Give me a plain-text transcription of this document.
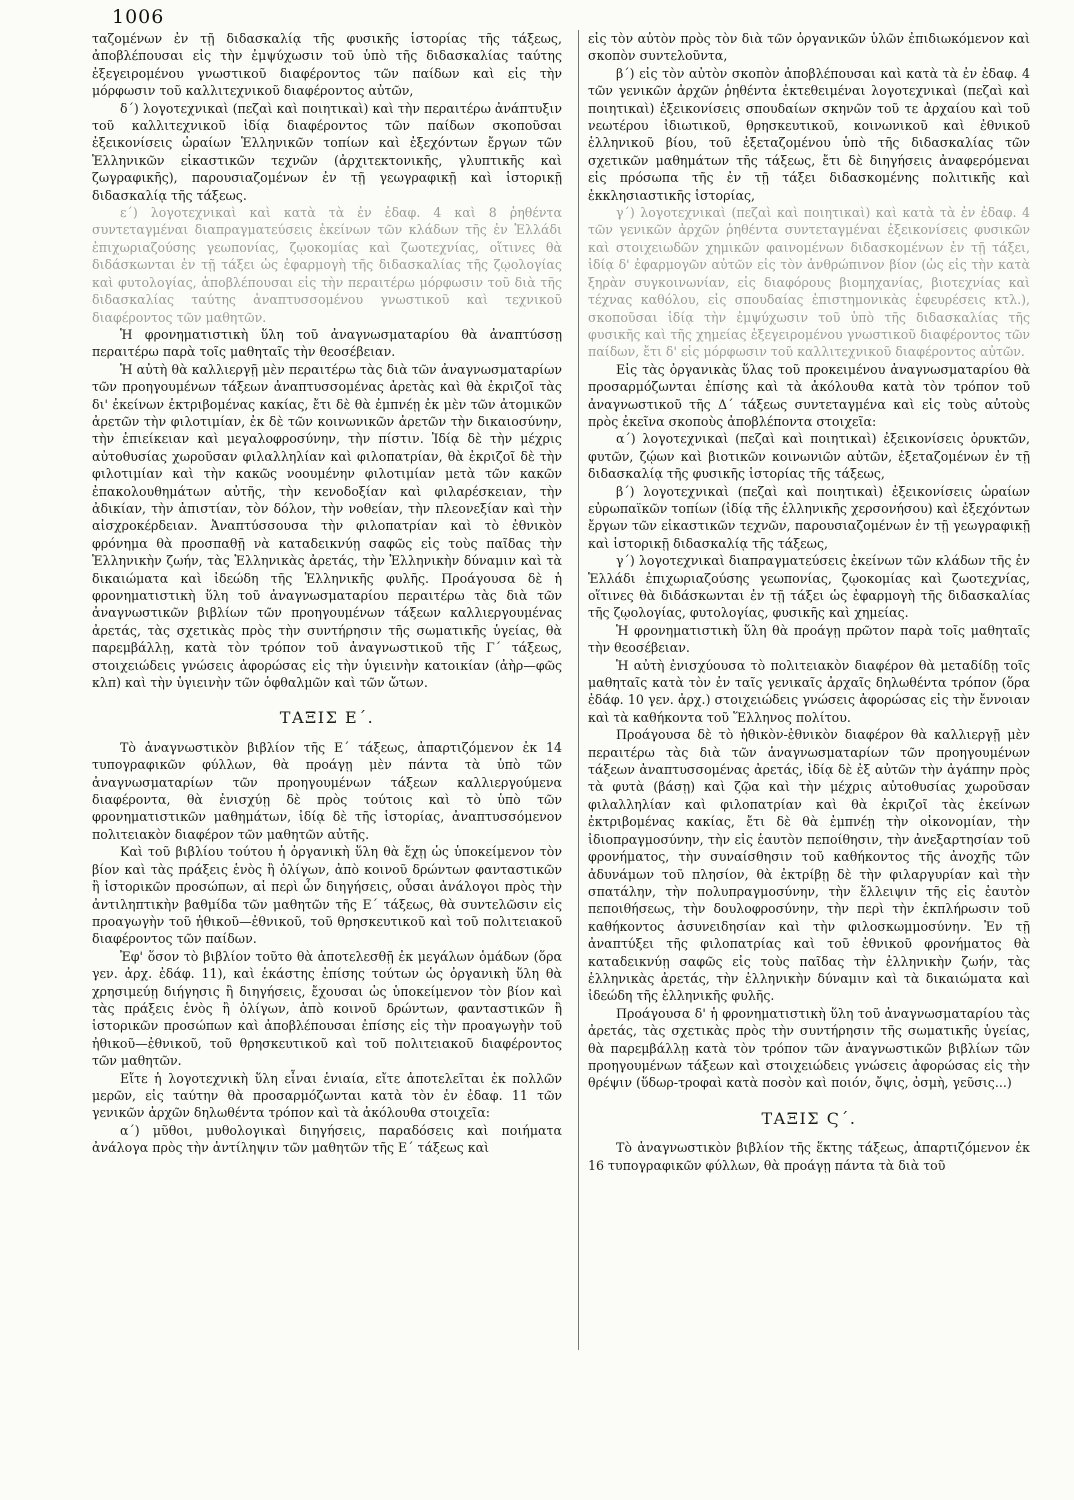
1006

ταζομένων ἐν τῇ διδασκαλίᾳ τῆς φυσικῆς ἱστορίας τῆς τάξεως, ἀποβλέπουσαι εἰς τὴν ἐμψύχωσιν τοῦ ὑπὸ τῆς διδασκαλίας ταύτης ἐξεγειρομένου γνωστικοῦ διαφέροντος τῶν παίδων καὶ εἰς τὴν μόρφωσιν τοῦ καλλιτεχνικοῦ διαφέροντος αὐτῶν,

δ΄) λογοτεχνικαὶ (πεζαὶ καὶ ποιητικαὶ) καὶ τὴν περαιτέρω ἀνάπτυξιν τοῦ καλλιτεχνικοῦ ἰδίᾳ διαφέροντος τῶν παίδων σκοποῦσαι ἐξεικονίσεις ὡραίων Ἑλληνικῶν τοπίων καὶ ἐξεχόντων ἔργων τῶν Ἑλληνικῶν εἰκαστικῶν τεχνῶν (ἀρχιτεκτονικῆς, γλυπτικῆς καὶ ζωγραφικῆς), παρουσιαζομένων ἐν τῇ γεωγραφικῇ καὶ ἱστορικῇ διδασκαλίᾳ τῆς τάξεως.

ε΄) λογοτεχνικαὶ καὶ κατὰ τὰ ἐν ἐδαφ. 4 καὶ 8 ῥηθέντα συντεταγμέναι διαπραγματεύσεις ἐκείνων τῶν κλάδων τῆς ἐν Ἑλλάδι ἐπιχωριαζούσης γεωπονίας, ζῳοκομίας καὶ ζωοτεχνίας, οἵτινες θὰ διδάσκωνται ἐν τῇ τάξει ὡς ἐφαρμογὴ τῆς διδασκαλίας τῆς ζῳολογίας καὶ φυτολογίας, ἀποβλέπουσαι εἰς τὴν περαιτέρω μόρφωσιν τοῦ διὰ τῆς διδασκαλίας ταύτης ἀναπτυσσομένου γνωστικοῦ καὶ τεχνικοῦ διαφέροντος τῶν μαθητῶν.

Ἡ φρονηματιστικὴ ὕλη τοῦ ἀναγνωσματαρίου θὰ ἀναπτύσσῃ περαιτέρω παρὰ τοῖς μαθηταῖς τὴν θεοσέβειαν.

Ἡ αὐτὴ θὰ καλλιεργῇ μὲν περαιτέρω τὰς διὰ τῶν ἀναγνωσματαρίων τῶν προηγουμένων τάξεων ἀναπτυσσομένας ἀρετὰς καὶ θὰ ἐκριζοῖ τὰς δι' ἐκείνων ἐκτριβομένας κακίας, ἔτι δὲ θὰ ἐμπνέῃ ἐκ μὲν τῶν ἀτομικῶν ἀρετῶν τὴν φιλοτιμίαν, ἐκ δὲ τῶν κοινωνικῶν ἀρετῶν τὴν δικαιοσύνην, τὴν ἐπιείκειαν καὶ μεγαλοφροσύνην, τὴν πίστιν. Ἰδίᾳ δὲ τὴν μέχρις αὐτοθυσίας χωροῦσαν φιλαλληλίαν καὶ φιλοπατρίαν, θὰ ἐκριζοῖ δὲ τὴν φιλοτιμίαν καὶ τὴν κακῶς νοουμένην φιλοτιμίαν μετὰ τῶν κακῶν ἐπακολουθημάτων αὐτῆς, τὴν κενοδοξίαν καὶ φιλαρέσκειαν, τὴν ἀδικίαν, τὴν ἀπιστίαν, τὸν δόλον, τὴν νοθείαν, τὴν πλεονεξίαν καὶ τὴν αἰσχροκέρδειαν. Ἀναπτύσσουσα τὴν φιλοπατρίαν καὶ τὸ ἐθνικὸν φρόνημα θὰ προσπαθῇ νὰ καταδεικνύῃ σαφῶς εἰς τοὺς παῖδας τὴν Ἑλληνικὴν ζωήν, τὰς Ἑλληνικὰς ἀρετάς, τὴν Ἑλληνικὴν δύναμιν καὶ τὰ δικαιώματα καὶ ἰδεώδη τῆς Ἑλληνικῆς φυλῆς. Προάγουσα δὲ ἡ φρονηματιστικὴ ὕλη τοῦ ἀναγνωσματαρίου περαιτέρω τὰς διὰ τῶν ἀναγνωστικῶν βιβλίων τῶν προηγουμένων τάξεων καλλιεργουμένας ἀρετάς, τὰς σχετικὰς πρὸς τὴν συντήρησιν τῆς σωματικῆς ὑγείας, θὰ παρεμβάλλῃ, κατὰ τὸν τρόπον τοῦ ἀναγνωστικοῦ τῆς Γ΄ τάξεως, στοιχειώδεις γνώσεις ἀφορώσας εἰς τὴν ὑγιεινὴν κατοικίαν (ἀὴρ—φῶς κλπ) καὶ τὴν ὑγιεινὴν τῶν ὀφθαλμῶν καὶ τῶν ὤτων.

ΤΑΞΙΣ Ε΄.

Τὸ ἀναγνωστικὸν βιβλίον τῆς Ε΄ τάξεως, ἀπαρτιζόμενον ἐκ 14 τυπογραφικῶν φύλλων, θὰ προάγῃ μὲν πάντα τὰ ὑπὸ τῶν ἀναγνωσματαρίων τῶν προηγουμένων τάξεων καλλιεργούμενα διαφέροντα, θὰ ἐνισχύῃ δὲ πρὸς τούτοις καὶ τὸ ὑπὸ τῶν φρονηματιστικῶν μαθημάτων, ἰδίᾳ δὲ τῆς ἱστορίας, ἀναπτυσσόμενον πολιτειακὸν διαφέρον τῶν μαθητῶν αὐτῆς.

Καὶ τοῦ βιβλίου τούτου ἡ ὀργανικὴ ὕλη θὰ ἔχῃ ὡς ὑποκείμενον τὸν βίον καὶ τὰς πράξεις ἑνὸς ἢ ὀλίγων, ἀπὸ κοινοῦ δρώντων φανταστικῶν ἢ ἱστορικῶν προσώπων, αἱ περὶ ὧν διηγήσεις, οὖσαι ἀνάλογοι πρὸς τὴν ἀντιληπτικὴν βαθμίδα τῶν μαθητῶν τῆς Ε΄ τάξεως, θὰ συντελῶσιν εἰς προαγωγὴν τοῦ ἠθικοῦ—ἐθνικοῦ, τοῦ θρησκευτικοῦ καὶ τοῦ πολιτειακοῦ διαφέροντος τῶν παίδων.

Ἐφ' ὅσον τὸ βιβλίον τοῦτο θὰ ἀποτελεσθῇ ἐκ μεγάλων ὁμάδων (ὅρα γεν. ἀρχ. ἐδάφ. 11), καὶ ἑκάστης ἐπίσης τούτων ὡς ὀργανικὴ ὕλη θὰ χρησιμεύῃ διήγησις ἢ διηγήσεις, ἔχουσαι ὡς ὑποκείμενον τὸν βίον καὶ τὰς πράξεις ἑνὸς ἢ ὀλίγων, ἀπὸ κοινοῦ δρώντων, φανταστικῶν ἢ ἱστορικῶν προσώπων καὶ ἀποβλέπουσαι ἐπίσης εἰς τὴν προαγωγὴν τοῦ ἠθικοῦ—ἐθνικοῦ, τοῦ θρησκευτικοῦ καὶ τοῦ πολιτειακοῦ διαφέροντος τῶν μαθητῶν.

Εἴτε ἡ λογοτεχνικὴ ὕλη εἶναι ἑνιαία, εἴτε ἀποτελεῖται ἐκ πολλῶν μερῶν, εἰς ταύτην θὰ προσαρμόζωνται κατὰ τὸν ἐν ἐδαφ. 11 τῶν γενικῶν ἀρχῶν δηλωθέντα τρόπον καὶ τὰ ἀκόλουθα στοιχεῖα:

α΄) μῦθοι, μυθολογικαὶ διηγήσεις, παραδόσεις καὶ ποιήματα ἀνάλογα πρὸς τὴν ἀντίληψιν τῶν μαθητῶν τῆς Ε΄ τάξεως καὶ

εἰς τὸν αὐτὸν πρὸς τὸν διὰ τῶν ὀργανικῶν ὑλῶν ἐπιδιωκόμενον καὶ σκοπὸν συντελοῦντα,

β΄) εἰς τὸν αὐτὸν σκοπὸν ἀποβλέπουσαι καὶ κατὰ τὰ ἐν ἐδαφ. 4 τῶν γενικῶν ἀρχῶν ῥηθέντα ἐκτεθειμέναι λογοτεχνικαὶ (πεζαὶ καὶ ποιητικαὶ) ἐξεικονίσεις σπουδαίων σκηνῶν τοῦ τε ἀρχαίου καὶ τοῦ νεωτέρου ἰδιωτικοῦ, θρησκευτικοῦ, κοινωνικοῦ καὶ ἐθνικοῦ ἑλληνικοῦ βίου, τοῦ ἐξεταζομένου ὑπὸ τῆς διδασκαλίας τῶν σχετικῶν μαθημάτων τῆς τάξεως, ἔτι δὲ διηγήσεις ἀναφερόμεναι εἰς πρόσωπα τῆς ἐν τῇ τάξει διδασκομένης πολιτικῆς καὶ ἐκκλησιαστικῆς ἱστορίας,

γ΄) λογοτεχνικαὶ (πεζαὶ καὶ ποιητικαὶ) καὶ κατὰ τὰ ἐν ἐδαφ. 4 τῶν γενικῶν ἀρχῶν ῥηθέντα συντεταγμέναι ἐξεικονίσεις φυσικῶν καὶ στοιχειωδῶν χημικῶν φαινομένων διδασκομένων ἐν τῇ τάξει, ἰδίᾳ δ' ἐφαρμογῶν αὐτῶν εἰς τὸν ἀνθρώπινον βίον (ὡς εἰς τὴν κατὰ ξηρὰν συγκοινωνίαν, εἰς διαφόρους βιομηχανίας, βιοτεχνίας καὶ τέχνας καθόλου, εἰς σπουδαίας ἐπιστημονικὰς ἐφευρέσεις κτλ.), σκοποῦσαι ἰδίᾳ τὴν ἐμψύχωσιν τοῦ ὑπὸ τῆς διδασκαλίας τῆς φυσικῆς καὶ τῆς χημείας ἐξεγειρομένου γνωστικοῦ διαφέροντος τῶν παίδων, ἔτι δ' εἰς μόρφωσιν τοῦ καλλιτεχνικοῦ διαφέροντος αὐτῶν.

Εἰς τὰς ὀργανικὰς ὕλας τοῦ προκειμένου ἀναγνωσματαρίου θὰ προσαρμόζωνται ἐπίσης καὶ τὰ ἀκόλουθα κατὰ τὸν τρόπον τοῦ ἀναγνωστικοῦ τῆς Δ΄ τάξεως συντεταγμένα καὶ εἰς τοὺς αὐτοὺς πρὸς ἐκεῖνα σκοποὺς ἀποβλέποντα στοιχεῖα:

α΄) λογοτεχνικαὶ (πεζαὶ καὶ ποιητικαὶ) ἐξεικονίσεις ὀρυκτῶν, φυτῶν, ζῴων καὶ βιοτικῶν κοινωνιῶν αὐτῶν, ἐξεταζομένων ἐν τῇ διδασκαλίᾳ τῆς φυσικῆς ἱστορίας τῆς τάξεως,

β΄) λογοτεχνικαὶ (πεζαὶ καὶ ποιητικαὶ) ἐξεικονίσεις ὡραίων εὐρωπαϊκῶν τοπίων (ἰδίᾳ τῆς ἑλληνικῆς χερσονήσου) καὶ ἐξεχόντων ἔργων τῶν εἰκαστικῶν τεχνῶν, παρουσιαζομένων ἐν τῇ γεωγραφικῇ καὶ ἱστορικῇ διδασκαλίᾳ τῆς τάξεως,

γ΄) λογοτεχνικαὶ διαπραγματεύσεις ἐκείνων τῶν κλάδων τῆς ἐν Ἑλλάδι ἐπιχωριαζούσης γεωπονίας, ζῳοκομίας καὶ ζωοτεχνίας, οἵτινες θὰ διδάσκωνται ἐν τῇ τάξει ὡς ἐφαρμογὴ τῆς διδασκαλίας τῆς ζῳολογίας, φυτολογίας, φυσικῆς καὶ χημείας.

Ἡ φρονηματιστικὴ ὕλη θὰ προάγῃ πρῶτον παρὰ τοῖς μαθηταῖς τὴν θεοσέβειαν.

Ἡ αὐτὴ ἐνισχύουσα τὸ πολιτειακὸν διαφέρον θὰ μεταδίδῃ τοῖς μαθηταῖς κατὰ τὸν ἐν ταῖς γενικαῖς ἀρχαῖς δηλωθέντα τρόπον (ὅρα ἐδάφ. 10 γεν. ἀρχ.) στοιχειώδεις γνώσεις ἀφορώσας εἰς τὴν ἔννοιαν καὶ τὰ καθήκοντα τοῦ Ἕλληνος πολίτου.

Προάγουσα δὲ τὸ ἠθικὸν-ἐθνικὸν διαφέρον θὰ καλλιεργῇ μὲν περαιτέρω τὰς διὰ τῶν ἀναγνωσματαρίων τῶν προηγουμένων τάξεων ἀναπτυσσομένας ἀρετάς, ἰδίᾳ δὲ ἐξ αὐτῶν τὴν ἀγάπην πρὸς τὰ φυτὰ (βάσῃ) καὶ ζῷα καὶ τὴν μέχρις αὐτοθυσίας χωροῦσαν φιλαλληλίαν καὶ φιλοπατρίαν καὶ θὰ ἐκριζοῖ τὰς ἐκείνων ἐκτριβομένας κακίας, ἔτι δὲ θὰ ἐμπνέῃ τὴν οἰκονομίαν, τὴν ἰδιοπραγμοσύνην, τὴν εἰς ἑαυτὸν πεποίθησιν, τὴν ἀνεξαρτησίαν τοῦ φρονήματος, τὴν συναίσθησιν τοῦ καθήκοντος τῆς ἀνοχῆς τῶν ἀδυνάμων τοῦ πλησίον, θὰ ἐκτρίβῃ δὲ τὴν φιλαργυρίαν καὶ τὴν σπατάλην, τὴν πολυπραγμοσύνην, τὴν ἔλλειψιν τῆς εἰς ἑαυτὸν πεποιθήσεως, τὴν δουλοφροσύνην, τὴν περὶ τὴν ἐκπλήρωσιν τοῦ καθήκοντος ἀσυνειδησίαν καὶ τὴν φιλοσκωμμοσύνην. Ἐν τῇ ἀναπτύξει τῆς φιλοπατρίας καὶ τοῦ ἐθνικοῦ φρονήματος θὰ καταδεικνύῃ σαφῶς εἰς τοὺς παῖδας τὴν ἑλληνικὴν ζωήν, τὰς ἑλληνικὰς ἀρετάς, τὴν ἑλληνικὴν δύναμιν καὶ τὰ δικαιώματα καὶ ἰδεώδη τῆς ἑλληνικῆς φυλῆς.

Προάγουσα δ' ἡ φρονηματιστικὴ ὕλη τοῦ ἀναγνωσματαρίου τὰς ἀρετάς, τὰς σχετικὰς πρὸς τὴν συντήρησιν τῆς σωματικῆς ὑγείας, θὰ παρεμβάλλῃ κατὰ τὸν τρόπον τῶν ἀναγνωστικῶν βιβλίων τῶν προηγουμένων τάξεων καὶ στοιχειώδεις γνώσεις ἀφορώσας εἰς τὴν θρέψιν (ὕδωρ-τροφαὶ κατὰ ποσὸν καὶ ποιόν, ὄψις, ὀσμὴ, γεῦσις...)

ΤΑΞΙΣ Ϛ΄.

Τὸ ἀναγνωστικὸν βιβλίον τῆς ἕκτης τάξεως, ἀπαρτιζόμενον ἐκ 16 τυπογραφικῶν φύλλων, θὰ προάγῃ πάντα τὰ διὰ τοῦ
